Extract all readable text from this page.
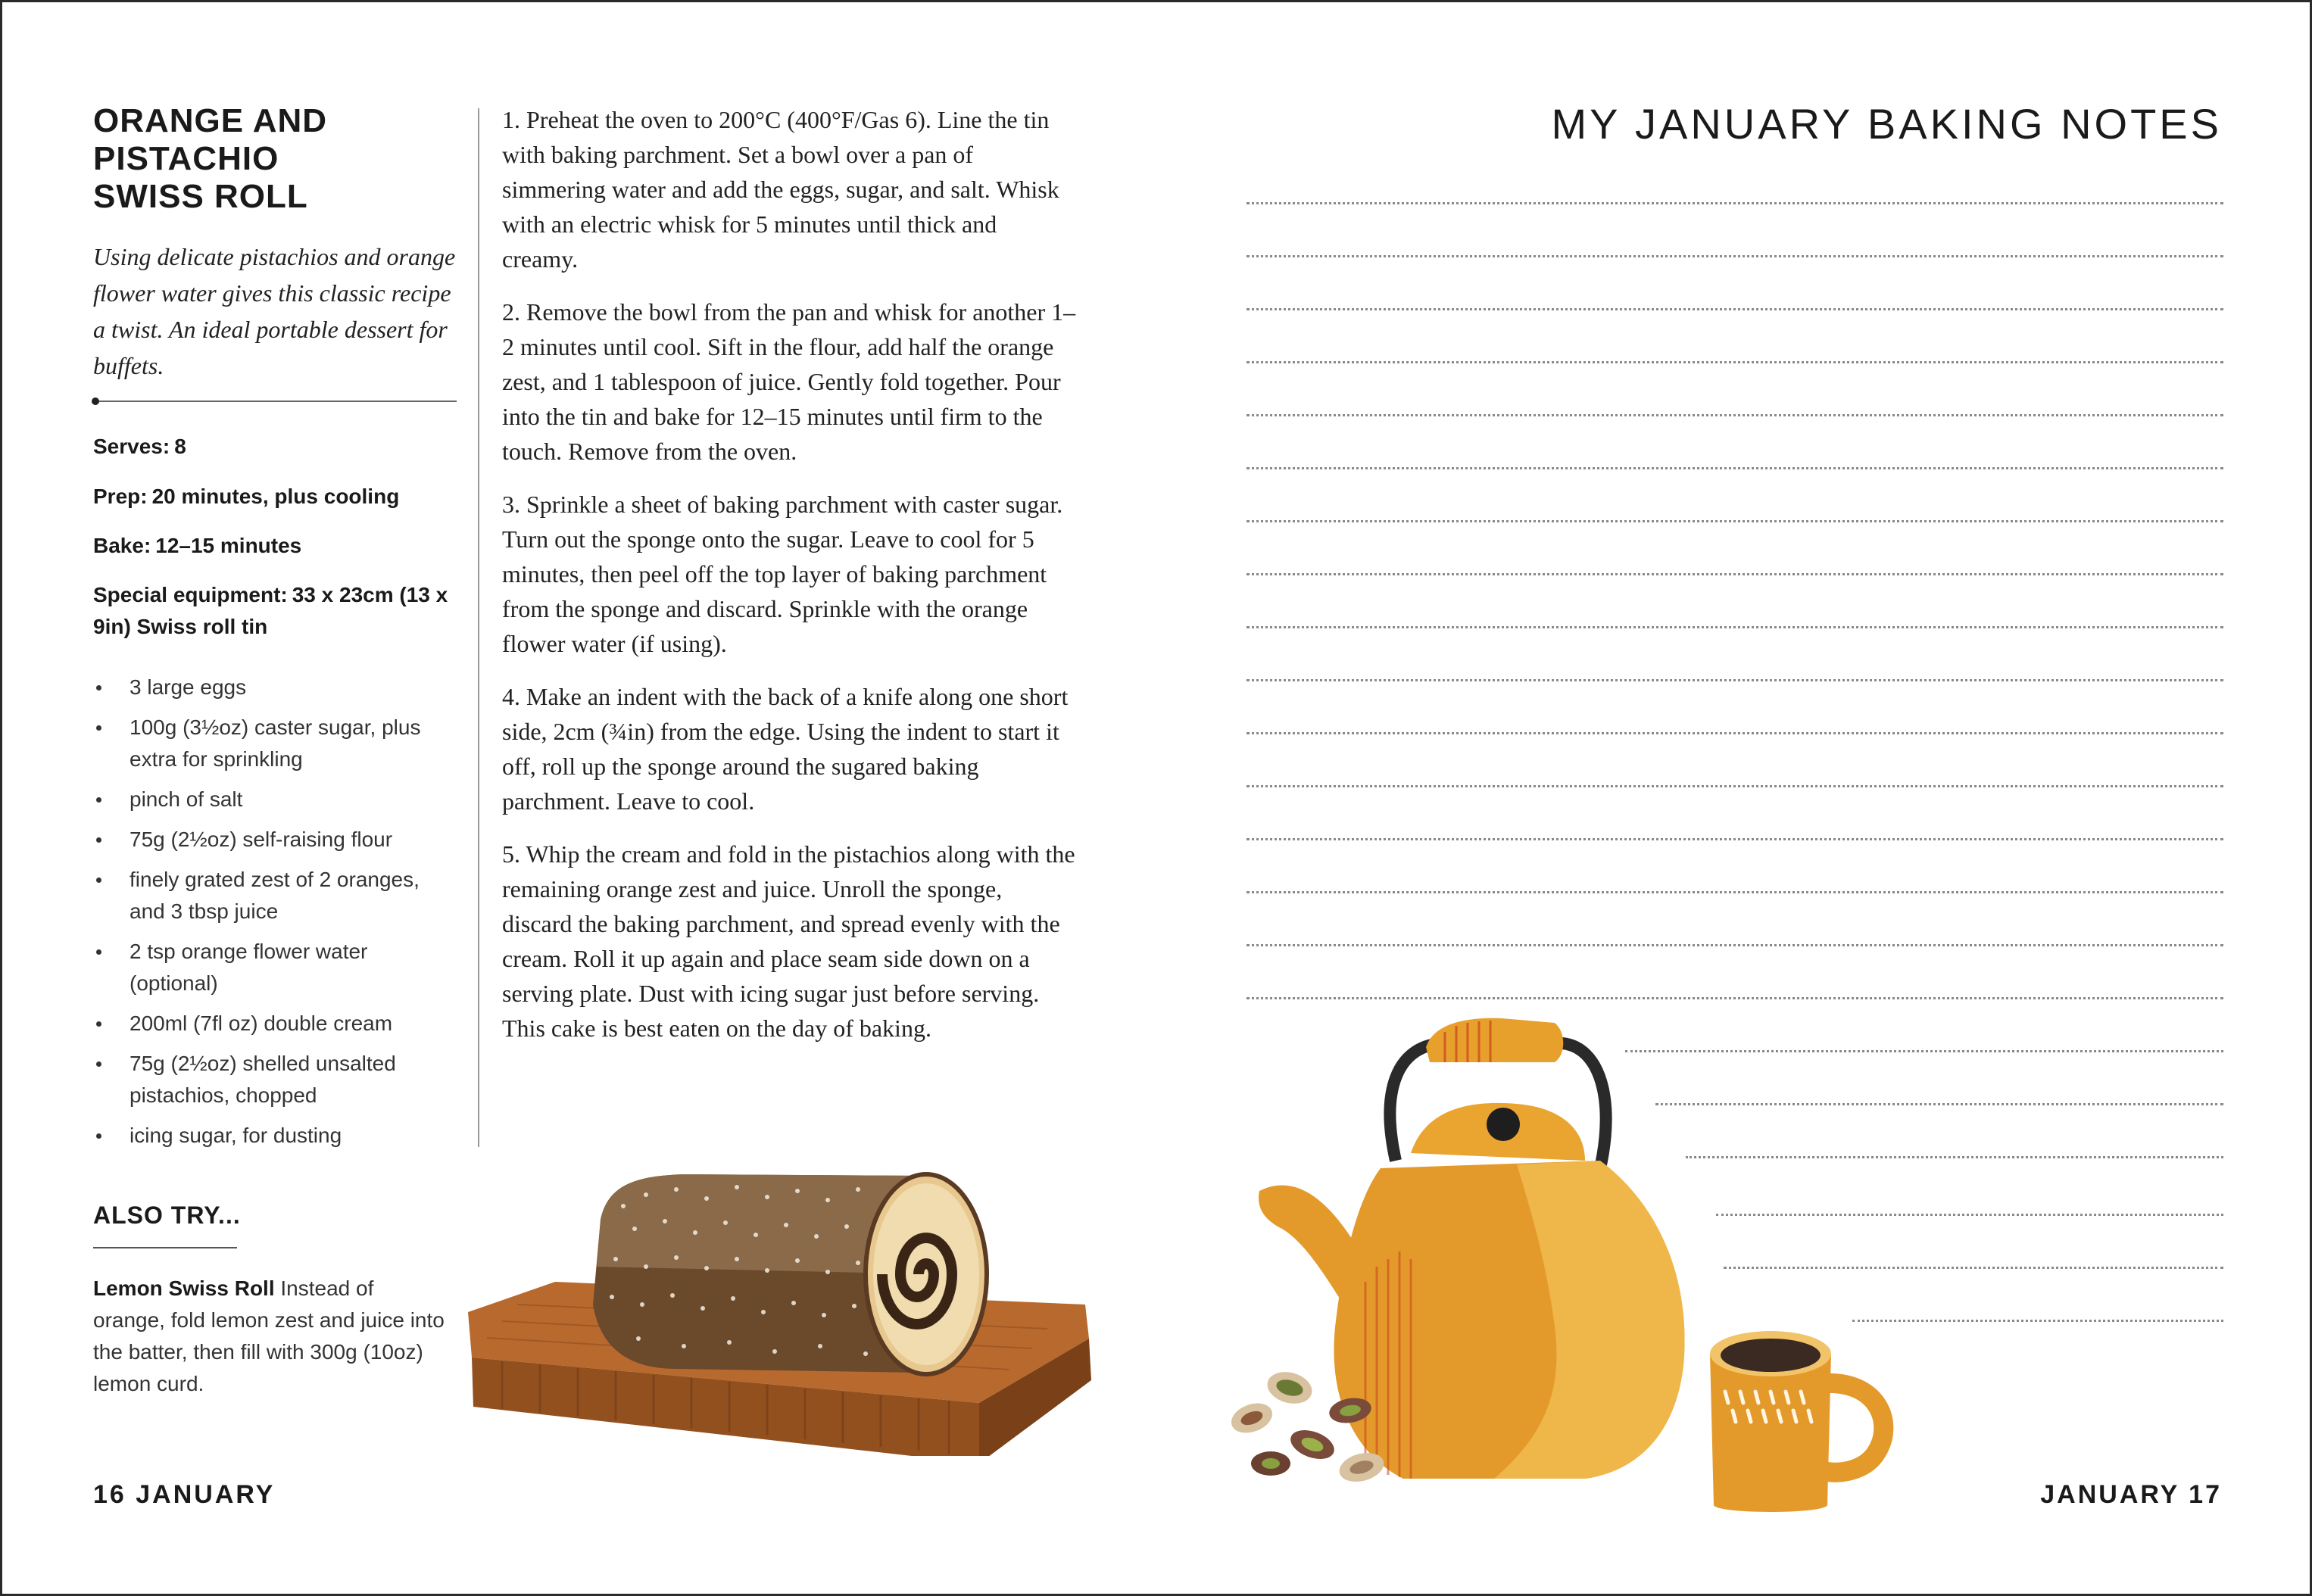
ORANGE AND
PISTACHIO
SWISS ROLL
Using delicate pistachios and orange flower water gives this classic recipe a twist. An ideal portable dessert for buffets.
Serves: 8
Prep: 20 minutes, plus cooling
Bake: 12–15 minutes
Special equipment: 33 x 23cm (13 x 9in) Swiss roll tin
3 large eggs
100g (3½oz) caster sugar, plus extra for sprinkling
pinch of salt
75g (2½oz) self-raising flour
finely grated zest of 2 oranges, and 3 tbsp juice
2 tsp orange flower water (optional)
200ml (7fl oz) double cream
75g (2½oz) shelled unsalted pistachios, chopped
icing sugar, for dusting
ALSO TRY...
Lemon Swiss Roll Instead of orange, fold lemon zest and juice into the batter, then fill with 300g (10oz) lemon curd.

1. Preheat the oven to 200°C (400°F/Gas 6). Line the tin with baking parchment. Set a bowl over a pan of simmering water and add the eggs, sugar, and salt. Whisk with an electric whisk for 5 minutes until thick and creamy.

2. Remove the bowl from the pan and whisk for another 1–2 minutes until cool. Sift in the flour, add half the orange zest, and 1 tablespoon of juice. Gently fold together. Pour into the tin and bake for 12–15 minutes until firm to the touch. Remove from the oven.

3. Sprinkle a sheet of baking parchment with caster sugar. Turn out the sponge onto the sugar. Leave to cool for 5 minutes, then peel off the top layer of baking parchment from the sponge and discard. Sprinkle with the orange flower water (if using).

4. Make an indent with the back of a knife along one short side, 2cm (¾in) from the edge. Using the indent to start it off, roll up the sponge around the sugared baking parchment. Leave to cool.

5. Whip the cream and fold in the pistachios along with the remaining orange zest and juice. Unroll the sponge, discard the baking parchment, and spread evenly with the cream. Roll it up again and place seam side down on a serving plate. Dust with icing sugar just before serving. This cake is best eaten on the day of baking.

16 JANUARY
MY JANUARY BAKING NOTES
JANUARY 17
